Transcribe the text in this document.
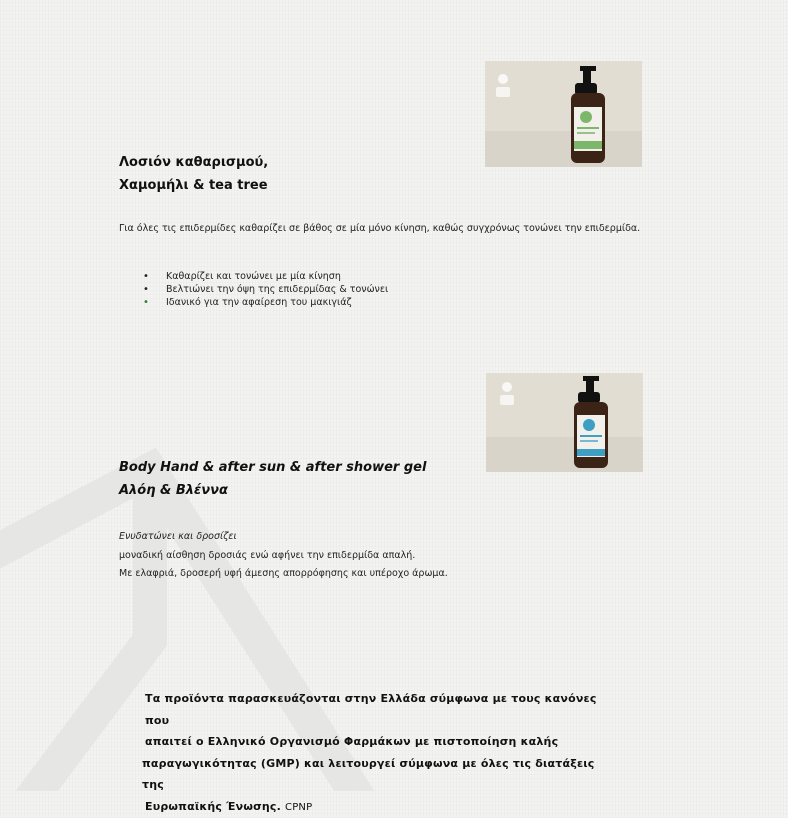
Λοσιόν καθαρισμού,
Χαμομήλι & tea tree
Για όλες τις επιδερμίδες καθαρίζει σε βάθος σε μία μόνο κίνηση, καθώς συγχρόνως τονώνει την επιδερμίδα.
• Καθαρίζει και τονώνει με μία κίνηση
• Βελτιώνει την όψη της επιδερμίδας & τονώνει
• Ιδανικό για την αφαίρεση του μακιγιάζ
Body Hand & after sun & after shower gel
Αλόη & Βλέννα
Ενυδατώνει και δροσίζει
μοναδική αίσθηση δροσιάς ενώ αφήνει την επιδερμίδα απαλή.
Με ελαφριά, δροσερή υφή άμεσης απορρόφησης και υπέροχο άρωμα.
Τα προϊόντα παρασκευάζονται στην Ελλάδα σύμφωνα με τους κανόνες που
απαιτεί ο Ελληνικό Οργανισμό Φαρμάκων με πιστοποίηση καλής
παραγωγικότητας (GMP) και λειτουργεί σύμφωνα με όλες τις διατάξεις της
Ευρωπαϊκής Ένωσης. CPNP
